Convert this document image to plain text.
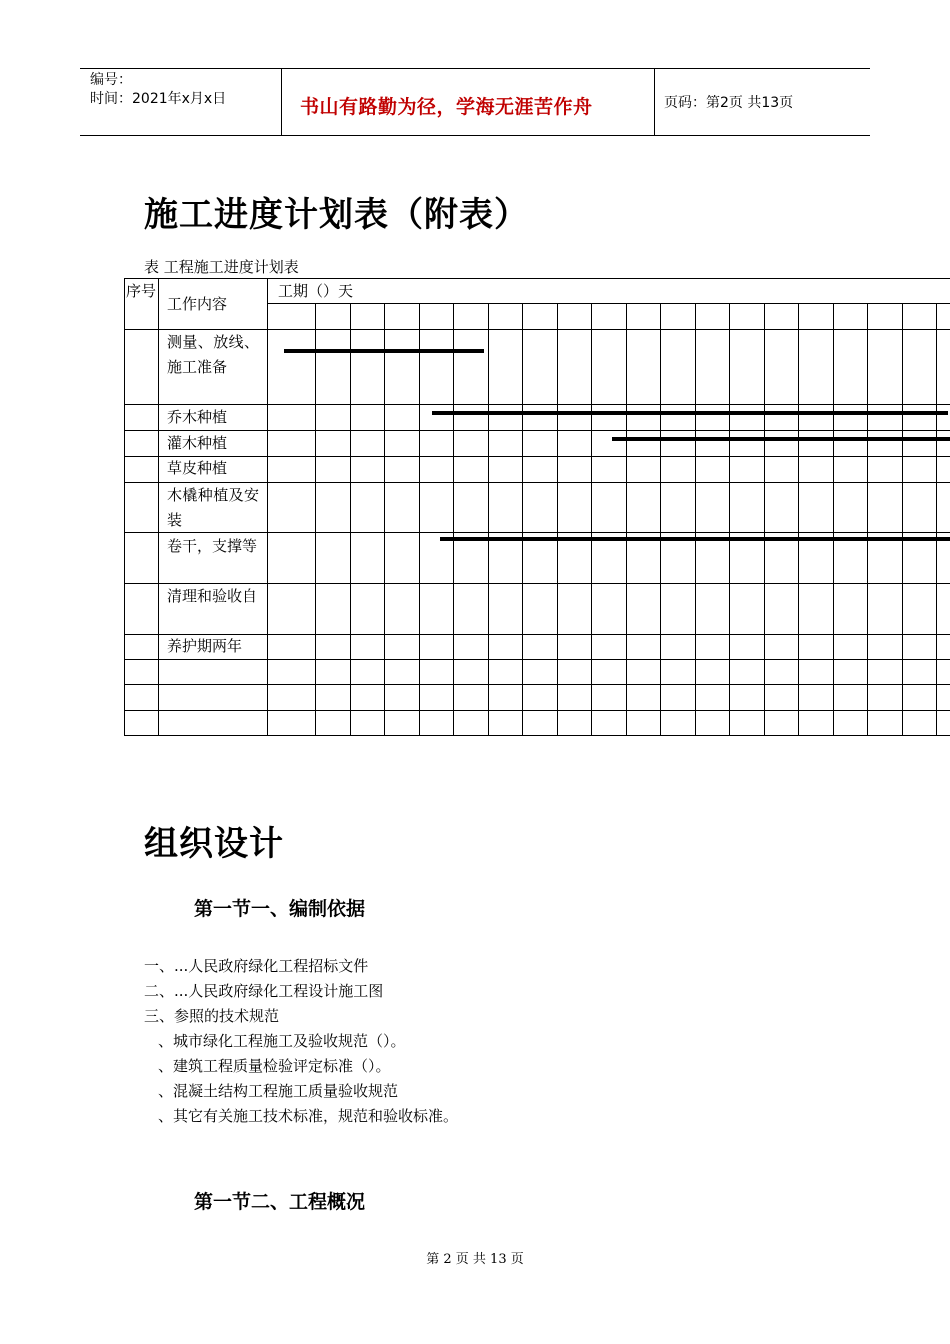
编号：
时间：2021年x月x日	书山有路勤为径，学海无涯苦作舟	页码：第2页 共13页
施工进度计划表（附表）
表 工程施工进度计划表
序号
工作内容
工期（）天
测量、放线、施工准备
乔木种植
灌木种植
草皮种植
木橇种植及安装
卷干，支撑等
清理和验收自
养护期两年
组织设计
第一节一、编制依据
一、...人民政府绿化工程招标文件
二、...人民政府绿化工程设计施工图
三、参照的技术规范
、城市绿化工程施工及验收规范（）。
、建筑工程质量检验评定标准（）。
、混凝土结构工程施工质量验收规范
、其它有关施工技术标准，规范和验收标准。
第一节二、工程概况
第 2 页 共 13 页
